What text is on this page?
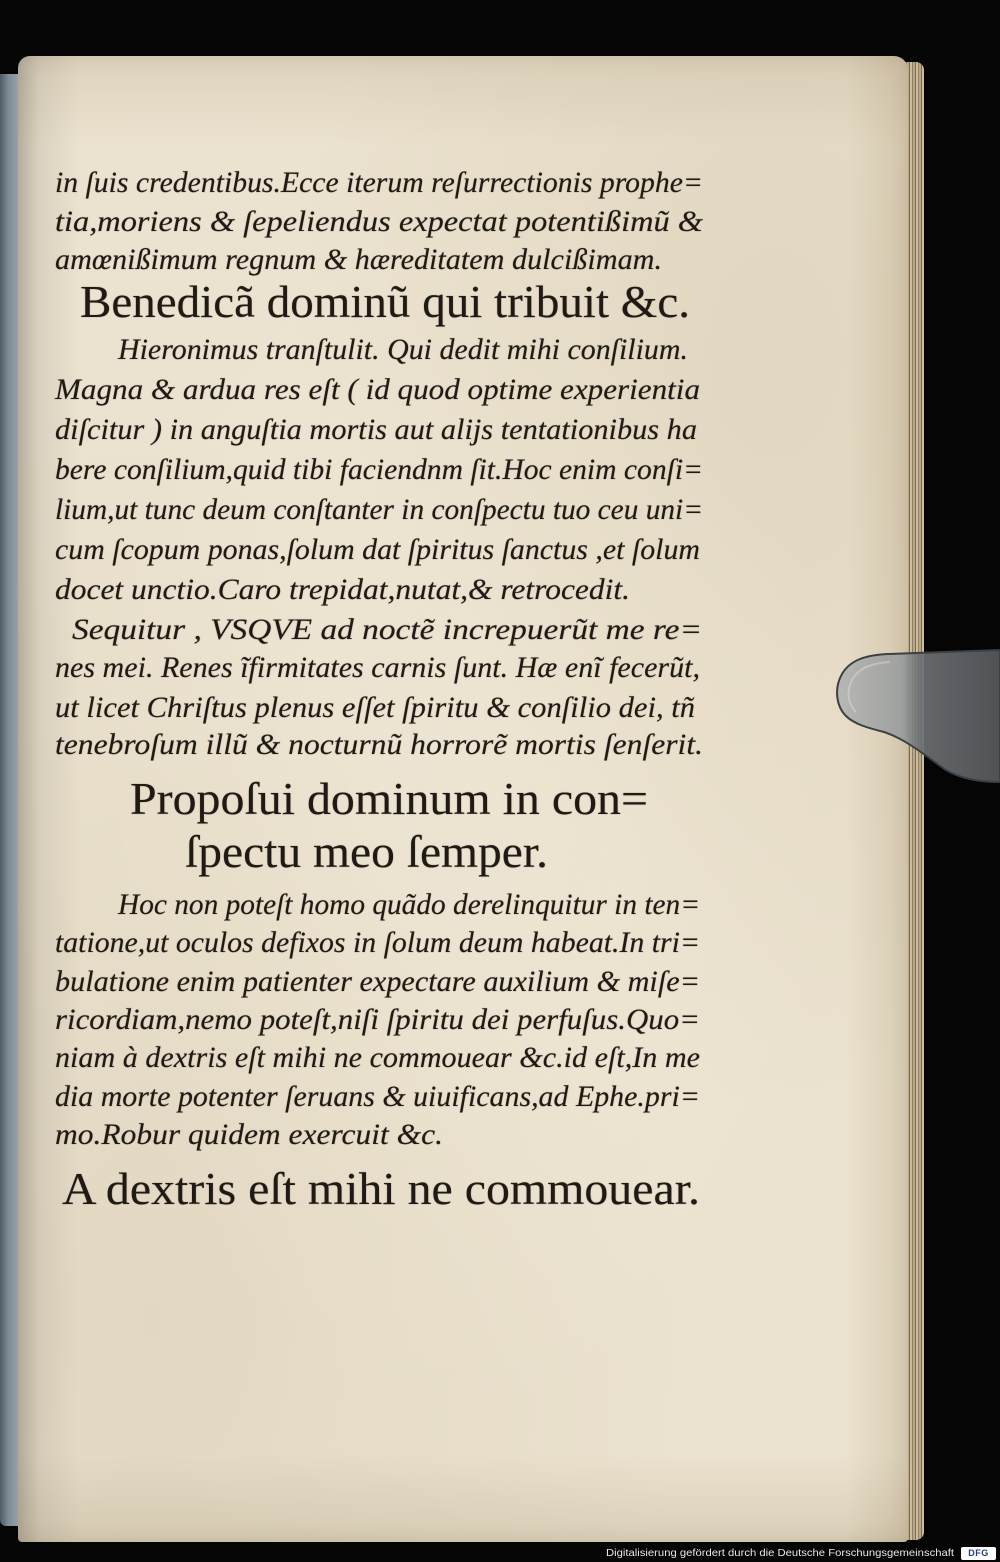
in ſuis credentibus.Ecce iterum reſurrectionis prophe=
tia,moriens & ſepeliendus expectat potentißimũ &
amœnißimum regnum & hæreditatem dulcißimam.
Benedicã dominũ qui tribuit &c.
Hieronimus tranſtulit. Qui dedit mihi conſilium.
Magna & ardua res eſt ( id quod optime experientia
diſcitur ) in anguſtia mortis aut alijs tentationibus ha
bere conſilium,quid tibi faciendnm ſit.Hoc enim conſi=
lium,ut tunc deum conſtanter in conſpectu tuo ceu uni=
cum ſcopum ponas,ſolum dat ſpiritus ſanctus ,et ſolum
docet unctio.Caro trepidat,nutat,& retrocedit.
Sequitur , VSQVE ad noctẽ increpuerũt me re=
nes mei. Renes ĩfirmitates carnis ſunt. Hæ enĩ fecerũt,
ut licet Chriſtus plenus eſſet ſpiritu & conſilio dei, tñ
tenebroſum illũ & nocturnũ horrorẽ mortis ſenſerit.
Propoſui dominum in con=
ſpectu meo ſemper.
Hoc non poteſt homo quãdo derelinquitur in ten=
tatione,ut oculos defixos in ſolum deum habeat.In tri=
bulatione enim patienter expectare auxilium & miſe=
ricordiam,nemo poteſt,niſi ſpiritu dei perfuſus.Quo=
niam à dextris eſt mihi ne commouear &c.id eſt,In me
dia morte potenter ſeruans & uiuificans,ad Ephe.pri=
mo.Robur quidem exercuit &c.
A dextris eſt mihi ne commouear.
Digitalisierung gefördert durch die Deutsche Forschungsgemeinschaft	DFG
